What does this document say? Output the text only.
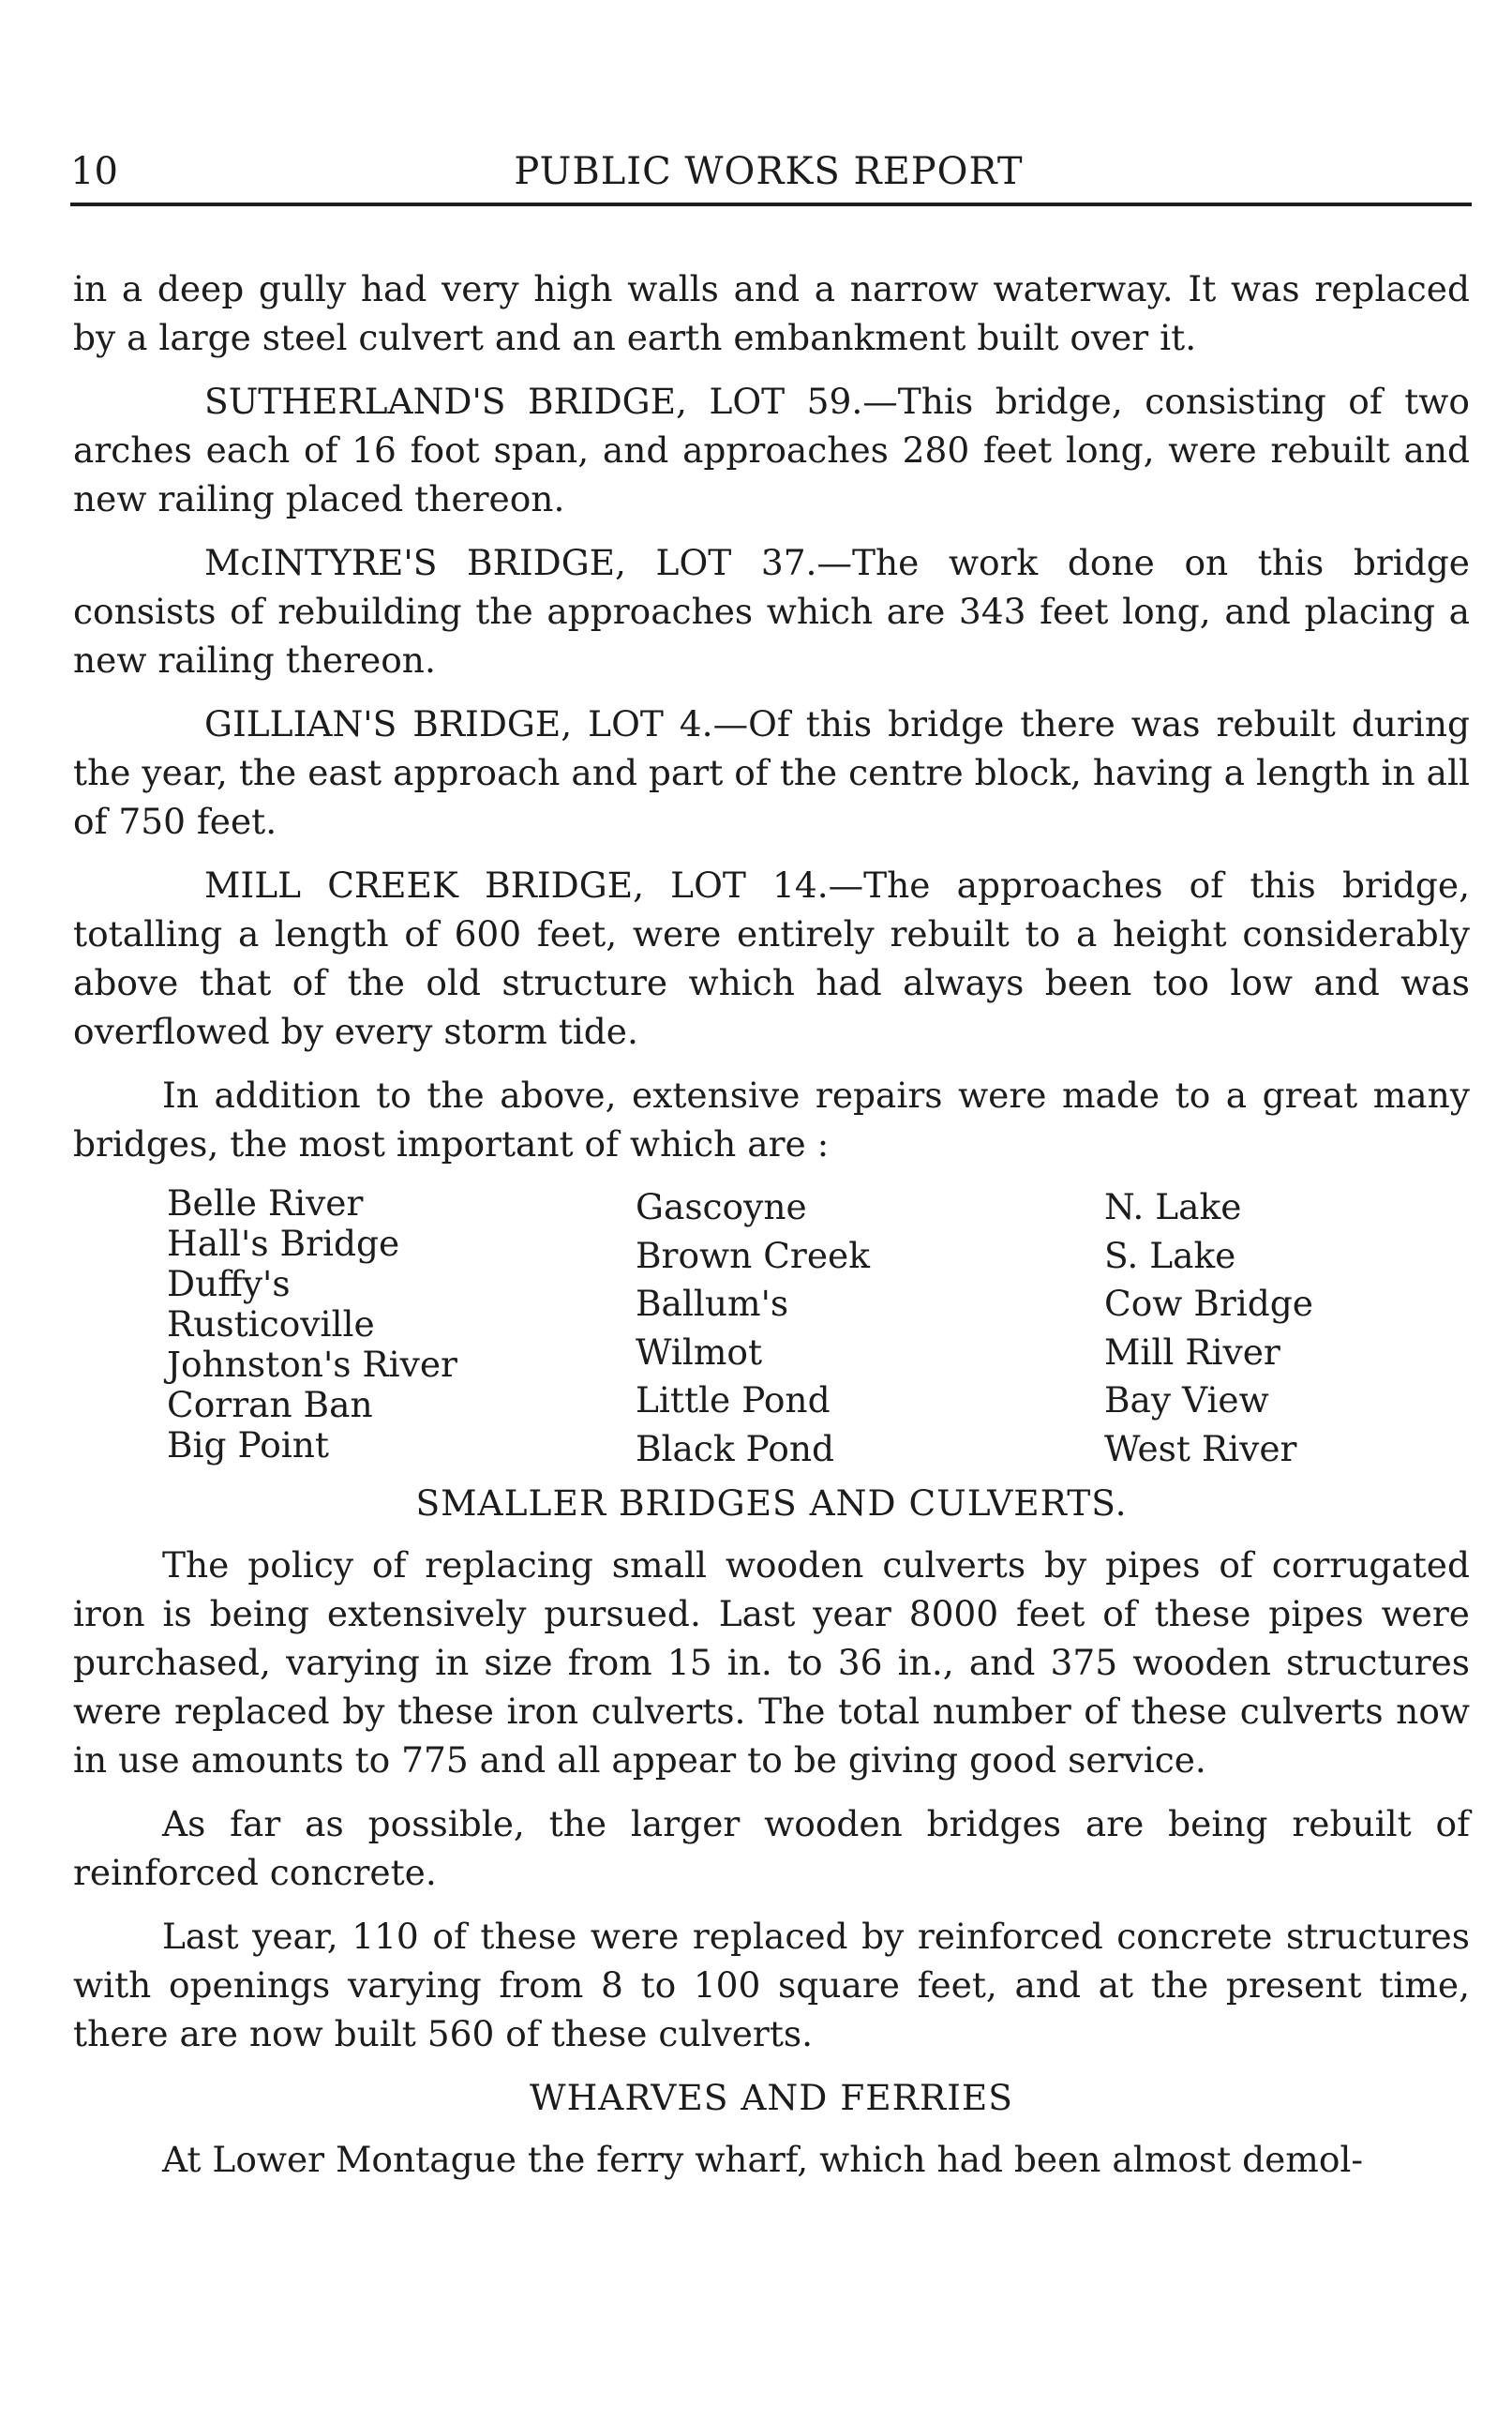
10	PUBLIC WORKS REPORT

in a deep gully had very high walls and a narrow waterway. It was replaced by a large steel culvert and an earth embankment built over it.

SUTHERLAND'S BRIDGE, LOT 59.—This bridge, consisting of two arches each of 16 foot span, and approaches 280 feet long, were rebuilt and new railing placed thereon.

McINTYRE'S BRIDGE, LOT 37.—The work done on this bridge consists of rebuilding the approaches which are 343 feet long, and placing a new railing thereon.

GILLIAN'S BRIDGE, LOT 4.—Of this bridge there was rebuilt during the year, the east approach and part of the centre block, having a length in all of 750 feet.

MILL CREEK BRIDGE, LOT 14.—The approaches of this bridge, totalling a length of 600 feet, were entirely rebuilt to a height considerably above that of the old structure which had always been too low and was overflowed by every storm tide.

In addition to the above, extensive repairs were made to a great many bridges, the most important of which are :

Belle River
Hall's Bridge
Duffy's
Rusticoville
Johnston's River
Corran Ban
Big Point
Gascoyne
Brown Creek
Ballum's
Wilmot
Little Pond
Black Pond
N. Lake
S. Lake
Cow Bridge
Mill River
Bay View
West River
SMALLER BRIDGES AND CULVERTS.

The policy of replacing small wooden culverts by pipes of corrugated iron is being extensively pursued. Last year 8000 feet of these pipes were purchased, varying in size from 15 in. to 36 in., and 375 wooden structures were replaced by these iron culverts. The total number of these culverts now in use amounts to 775 and all appear to be giving good service.

As far as possible, the larger wooden bridges are being rebuilt of reinforced concrete.

Last year, 110 of these were replaced by reinforced concrete structures with openings varying from 8 to 100 square feet, and at the present time, there are now built 560 of these culverts.

WHARVES AND FERRIES

At Lower Montague the ferry wharf, which had been almost demol-
